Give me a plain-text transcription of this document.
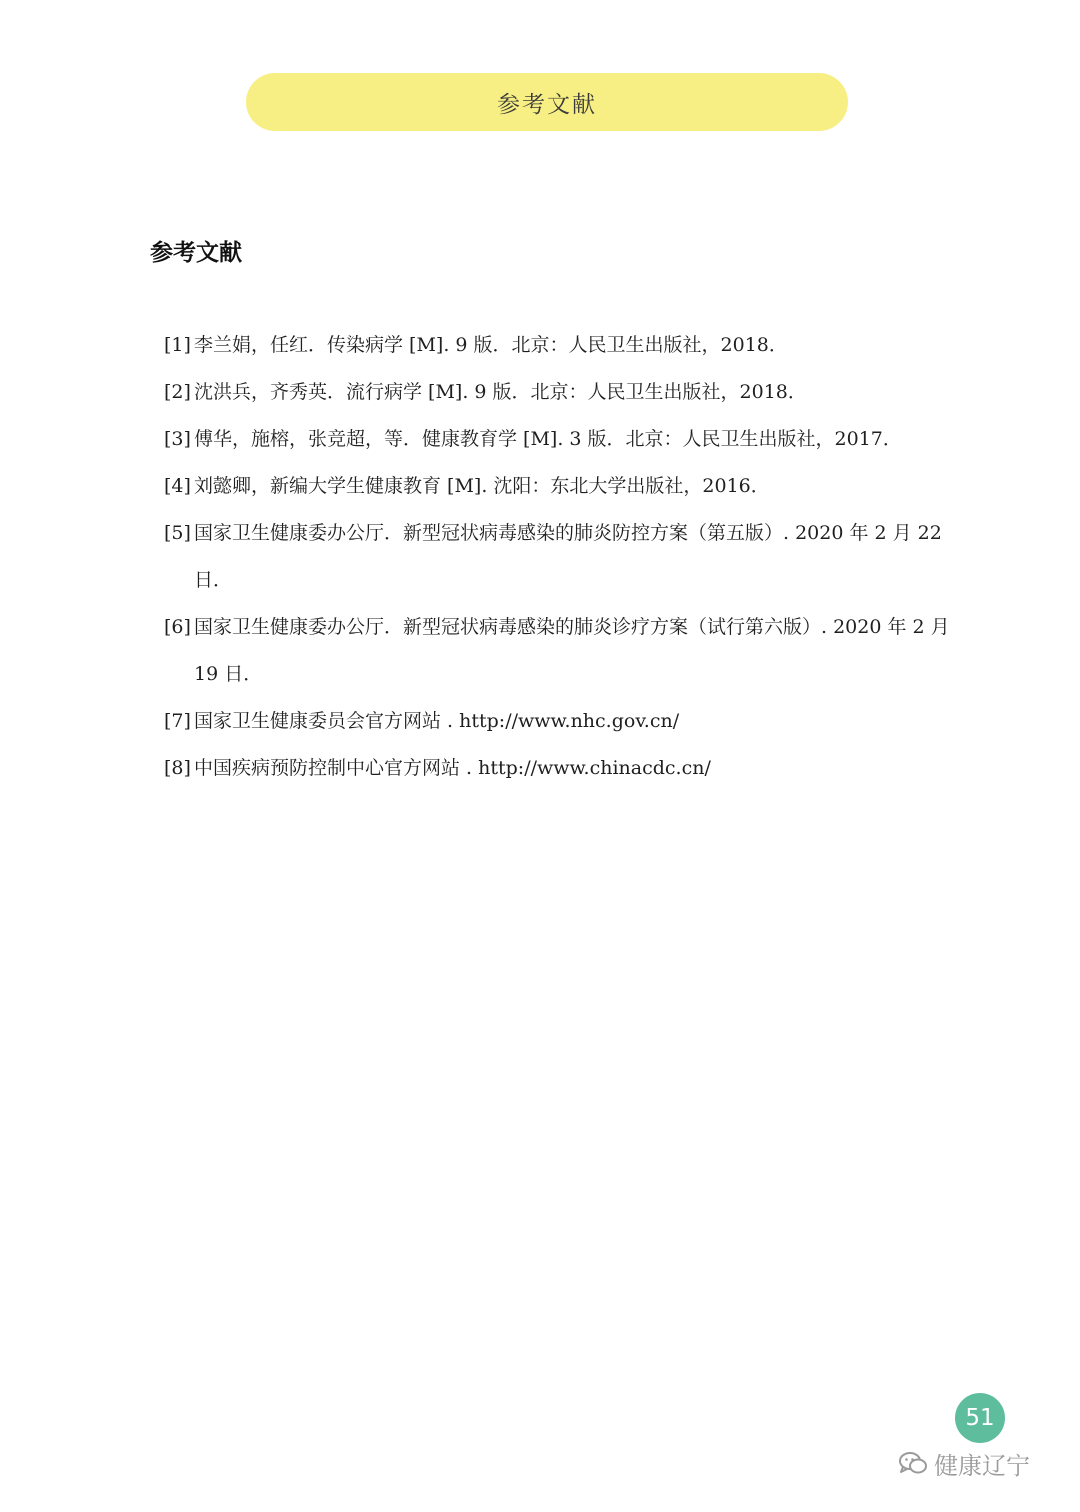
参考文献
参考文献
[1] 李兰娟，任红．传染病学 [M]. 9 版．北京：人民卫生出版社，2018．
[2] 沈洪兵，齐秀英．流行病学 [M]. 9 版．北京：人民卫生出版社，2018．
[3] 傅华，施榕，张竞超，等．健康教育学 [M]. 3 版．北京：人民卫生出版社，2017．
[4] 刘懿卿，新编大学生健康教育 [M]. 沈阳：东北大学出版社，2016．
[5] 国家卫生健康委办公厅．新型冠状病毒感染的肺炎防控方案（第五版）. 2020 年 2 月 22 日．
[6] 国家卫生健康委办公厅．新型冠状病毒感染的肺炎诊疗方案（试行第六版）. 2020 年 2 月 19 日．
[7] 国家卫生健康委员会官方网站 . http://www.nhc.gov.cn/
[8] 中国疾病预防控制中心官方网站 . http://www.chinacdc.cn/
51
健康辽宁
